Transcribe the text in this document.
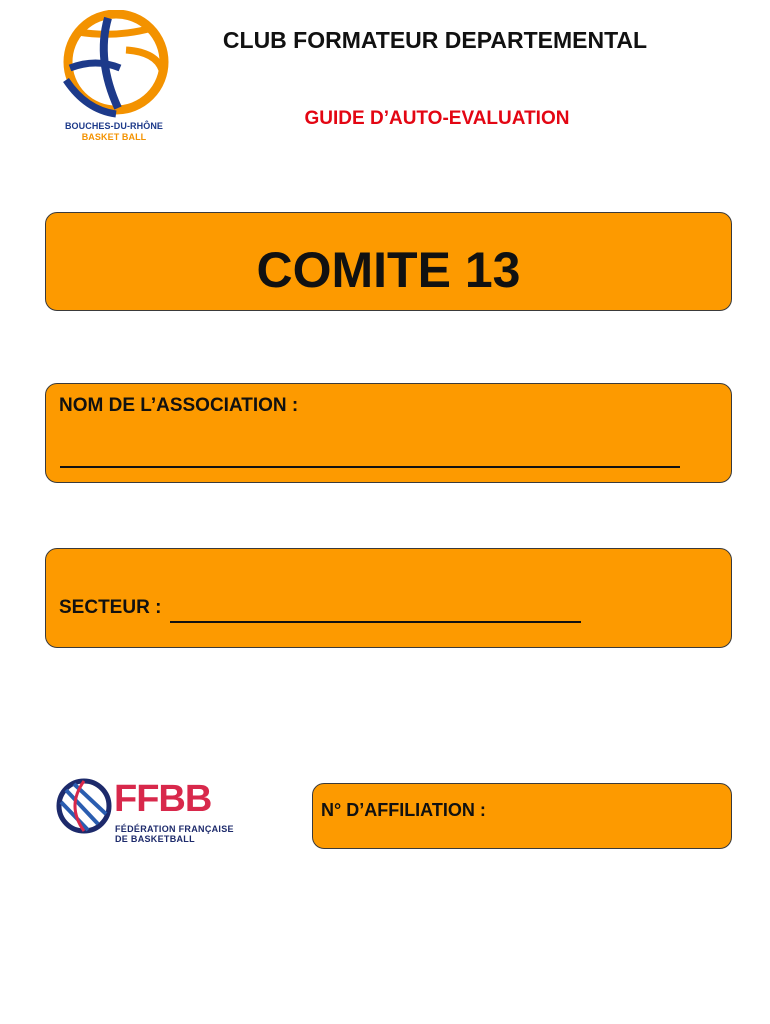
BOUCHES-DU-RHÔNE
BASKET BALL
CLUB FORMATEUR DEPARTEMENTAL
GUIDE D’AUTO-EVALUATION
COMITE 13
NOM DE L’ASSOCIATION :
SECTEUR :
FFBB
FÉDÉRATION FRANÇAISE
DE BASKETBALL
N° D’AFFILIATION :
